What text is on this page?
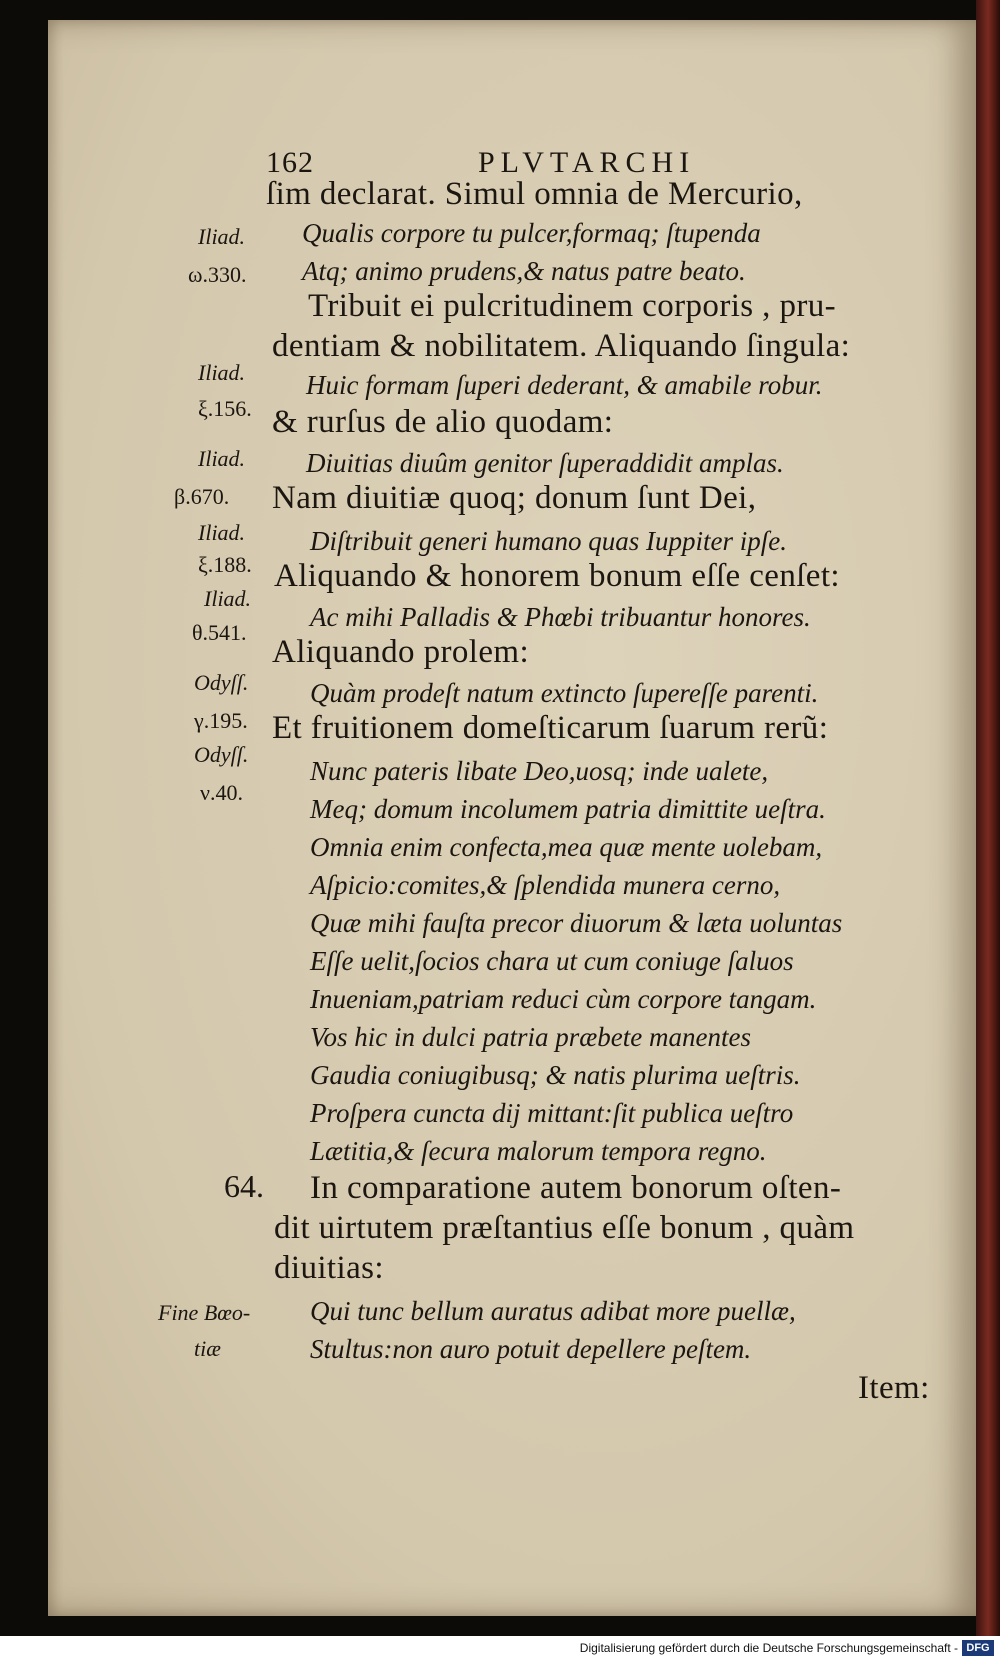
162	PLVTARCHI
ſim declarat. Simul omnia de Mercurio,
Qualis corpore tu pulcer,formaq; ſtupenda
Atq; animo prudens,& natus patre beato.
Tribuit ei pulcritudinem corporis , pru-
dentiam & nobilitatem. Aliquando ſingula:
Huic formam ſuperi dederant, & amabile robur.
& rurſus de alio quodam:
Diuitias diuûm genitor ſuperaddidit amplas.
Nam diuitiæ quoq; donum ſunt Dei,
Diſtribuit generi humano quas Iuppiter ipſe.
Aliquando & honorem bonum eſſe cenſet:
Ac mihi Palladis & Phœbi tribuantur honores.
Aliquando prolem:
Quàm prodeſt natum extincto ſupereſſe parenti.
Et fruitionem domeſticarum ſuarum rerũ:
Nunc pateris libate Deo,uosq; inde ualete,
Meq; domum incolumem patria dimittite ueſtra.
Omnia enim confecta,mea quæ mente uolebam,
Aſpicio:comites,& ſplendida munera cerno,
Quæ mihi fauſta precor diuorum & læta uoluntas
Eſſe uelit,ſocios chara ut cum coniuge ſaluos
Inueniam,patriam reduci cùm corpore tangam.
Vos hic in dulci patria præbete manentes
Gaudia coniugibusq; & natis plurima ueſtris.
Proſpera cuncta dij mittant:ſit publica ueſtro
Lætitia,& ſecura malorum tempora regno.
In comparatione autem bonorum oſten-
dit uirtutem præſtantius eſſe bonum , quàm
diuitias:
Qui tunc bellum auratus adibat more puellæ,
Stultus:non auro potuit depellere peſtem.
Item:
Iliad.
ω.330.
Iliad.
ξ.156.
Iliad.
β.670.
Iliad.
ξ.188.
Iliad.
θ.541.
Odyſſ.
γ.195.
Odyſſ.
ν.40.
64.
Fine Bœo-
tiæ
Digitalisierung gefördert durch die Deutsche Forschungsgemeinschaft - DFG
